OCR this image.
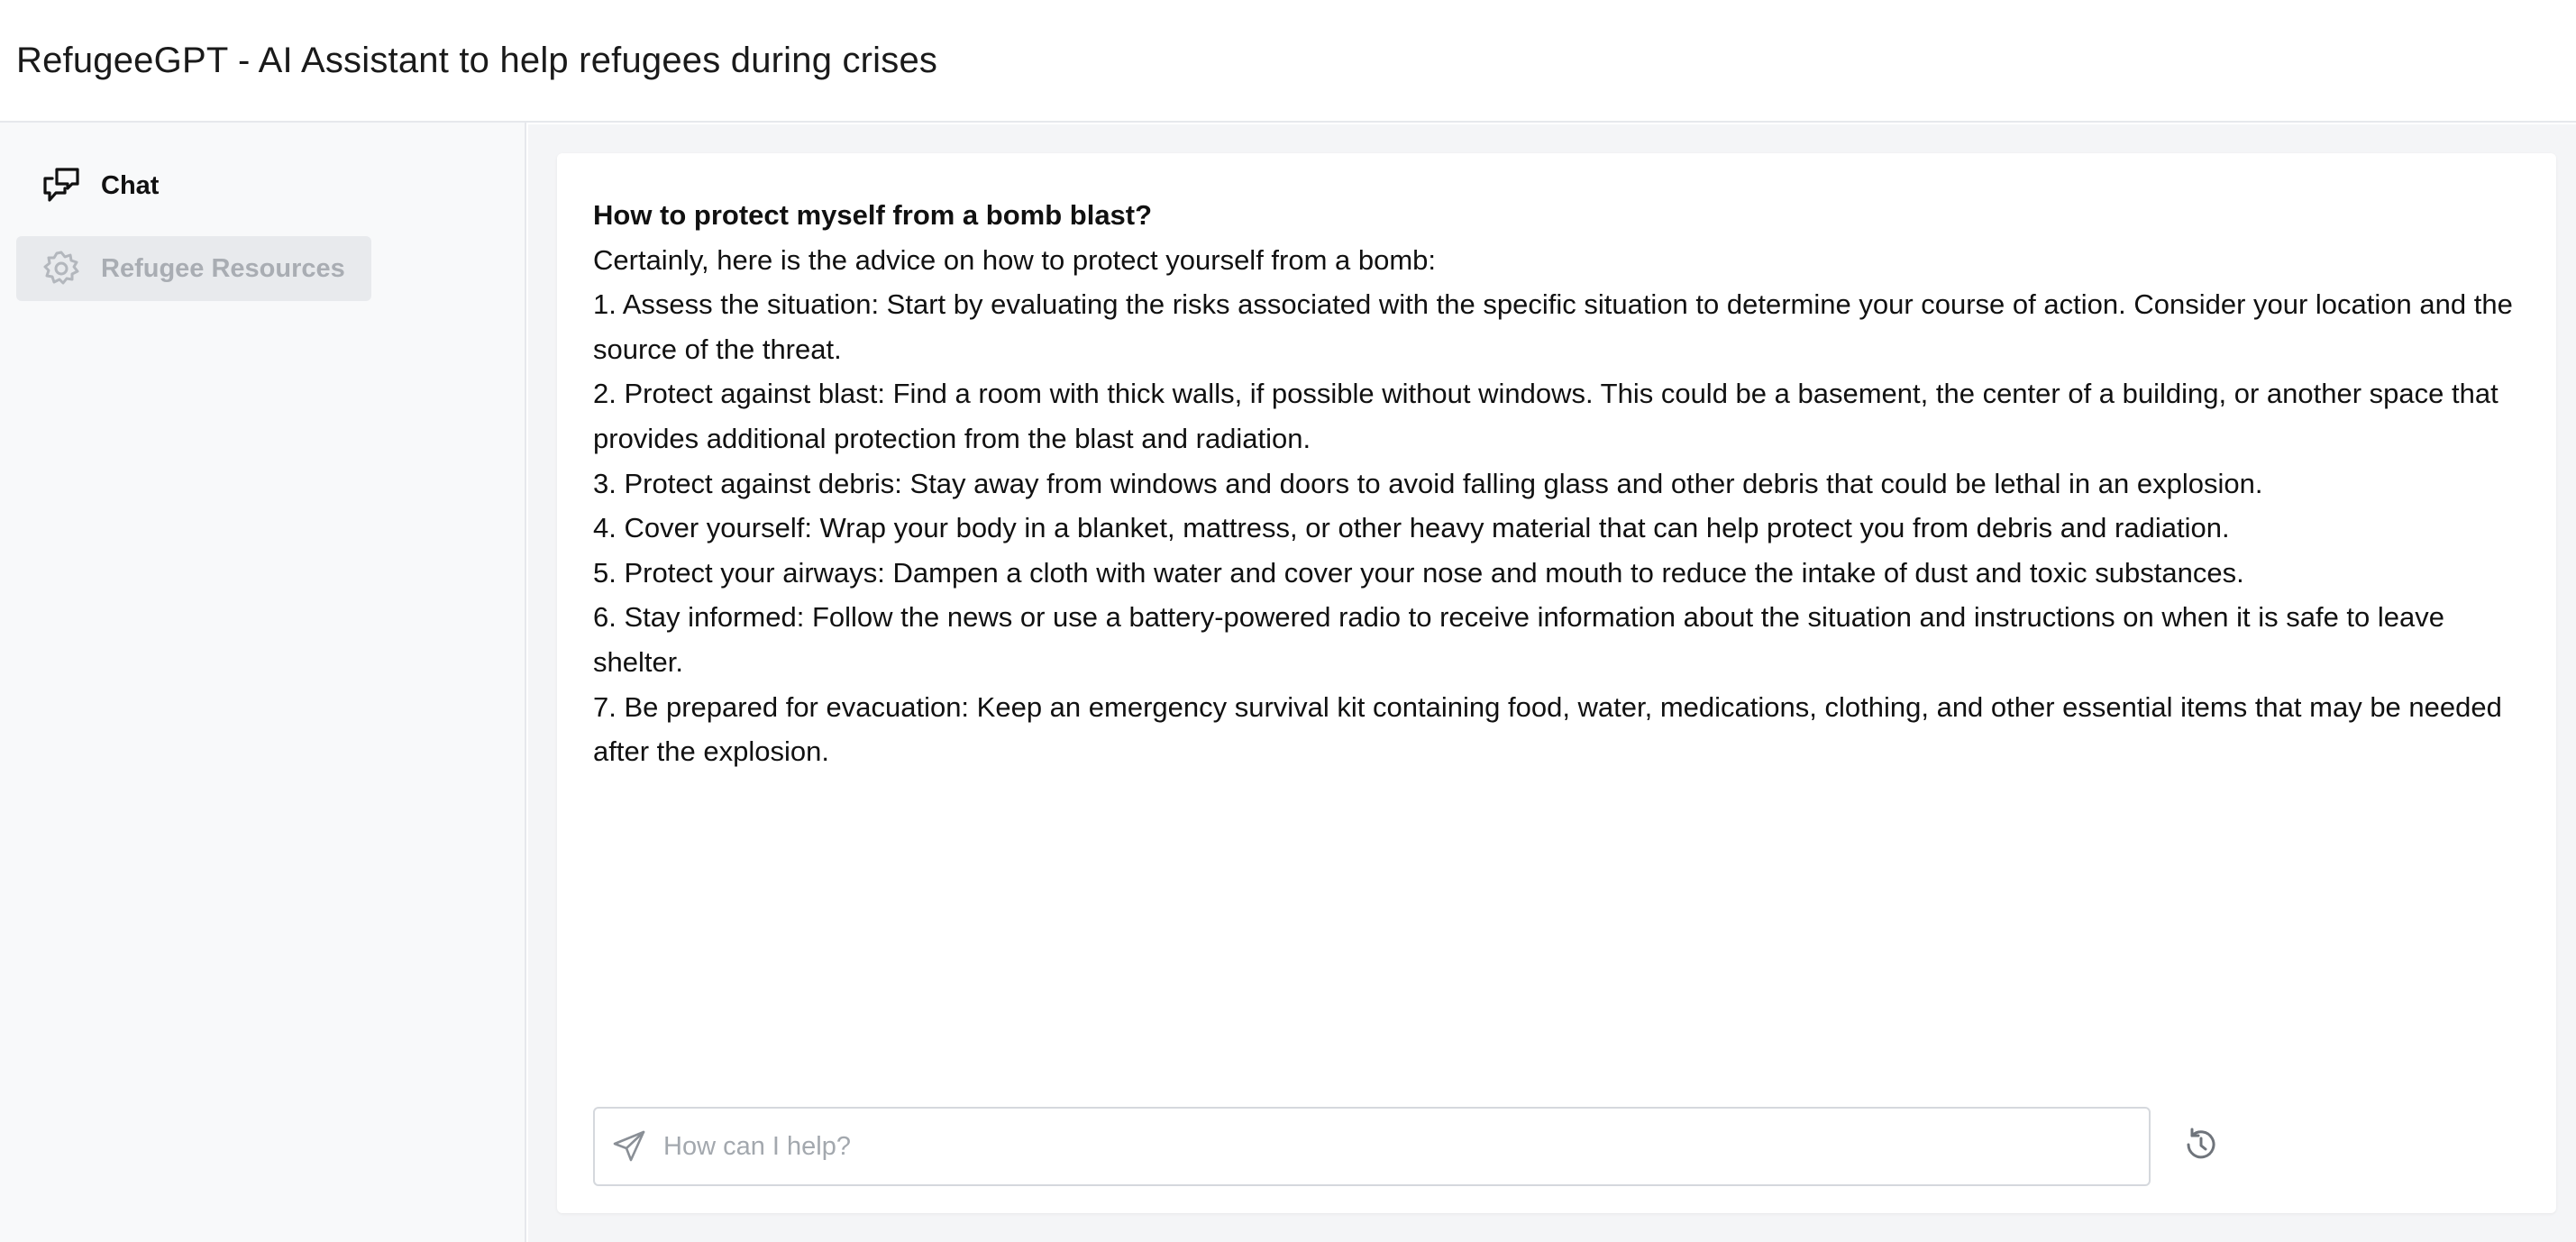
RefugeeGPT - AI Assistant to help refugees during crises
Chat
Refugee Resources
How to protect myself from a bomb blast?
Certainly, here is the advice on how to protect yourself from a bomb:
1. Assess the situation: Start by evaluating the risks associated with the specific situation to determine your course of action. Consider your location and the source of the threat.
2. Protect against blast: Find a room with thick walls, if possible without windows. This could be a basement, the center of a building, or another space that provides additional protection from the blast and radiation.
3. Protect against debris: Stay away from windows and doors to avoid falling glass and other debris that could be lethal in an explosion.
4. Cover yourself: Wrap your body in a blanket, mattress, or other heavy material that can help protect you from debris and radiation.
5. Protect your airways: Dampen a cloth with water and cover your nose and mouth to reduce the intake of dust and toxic substances.
6. Stay informed: Follow the news or use a battery-powered radio to receive information about the situation and instructions on when it is safe to leave shelter.
7. Be prepared for evacuation: Keep an emergency survival kit containing food, water, medications, clothing, and other essential items that may be needed after the explosion.
How can I help?
